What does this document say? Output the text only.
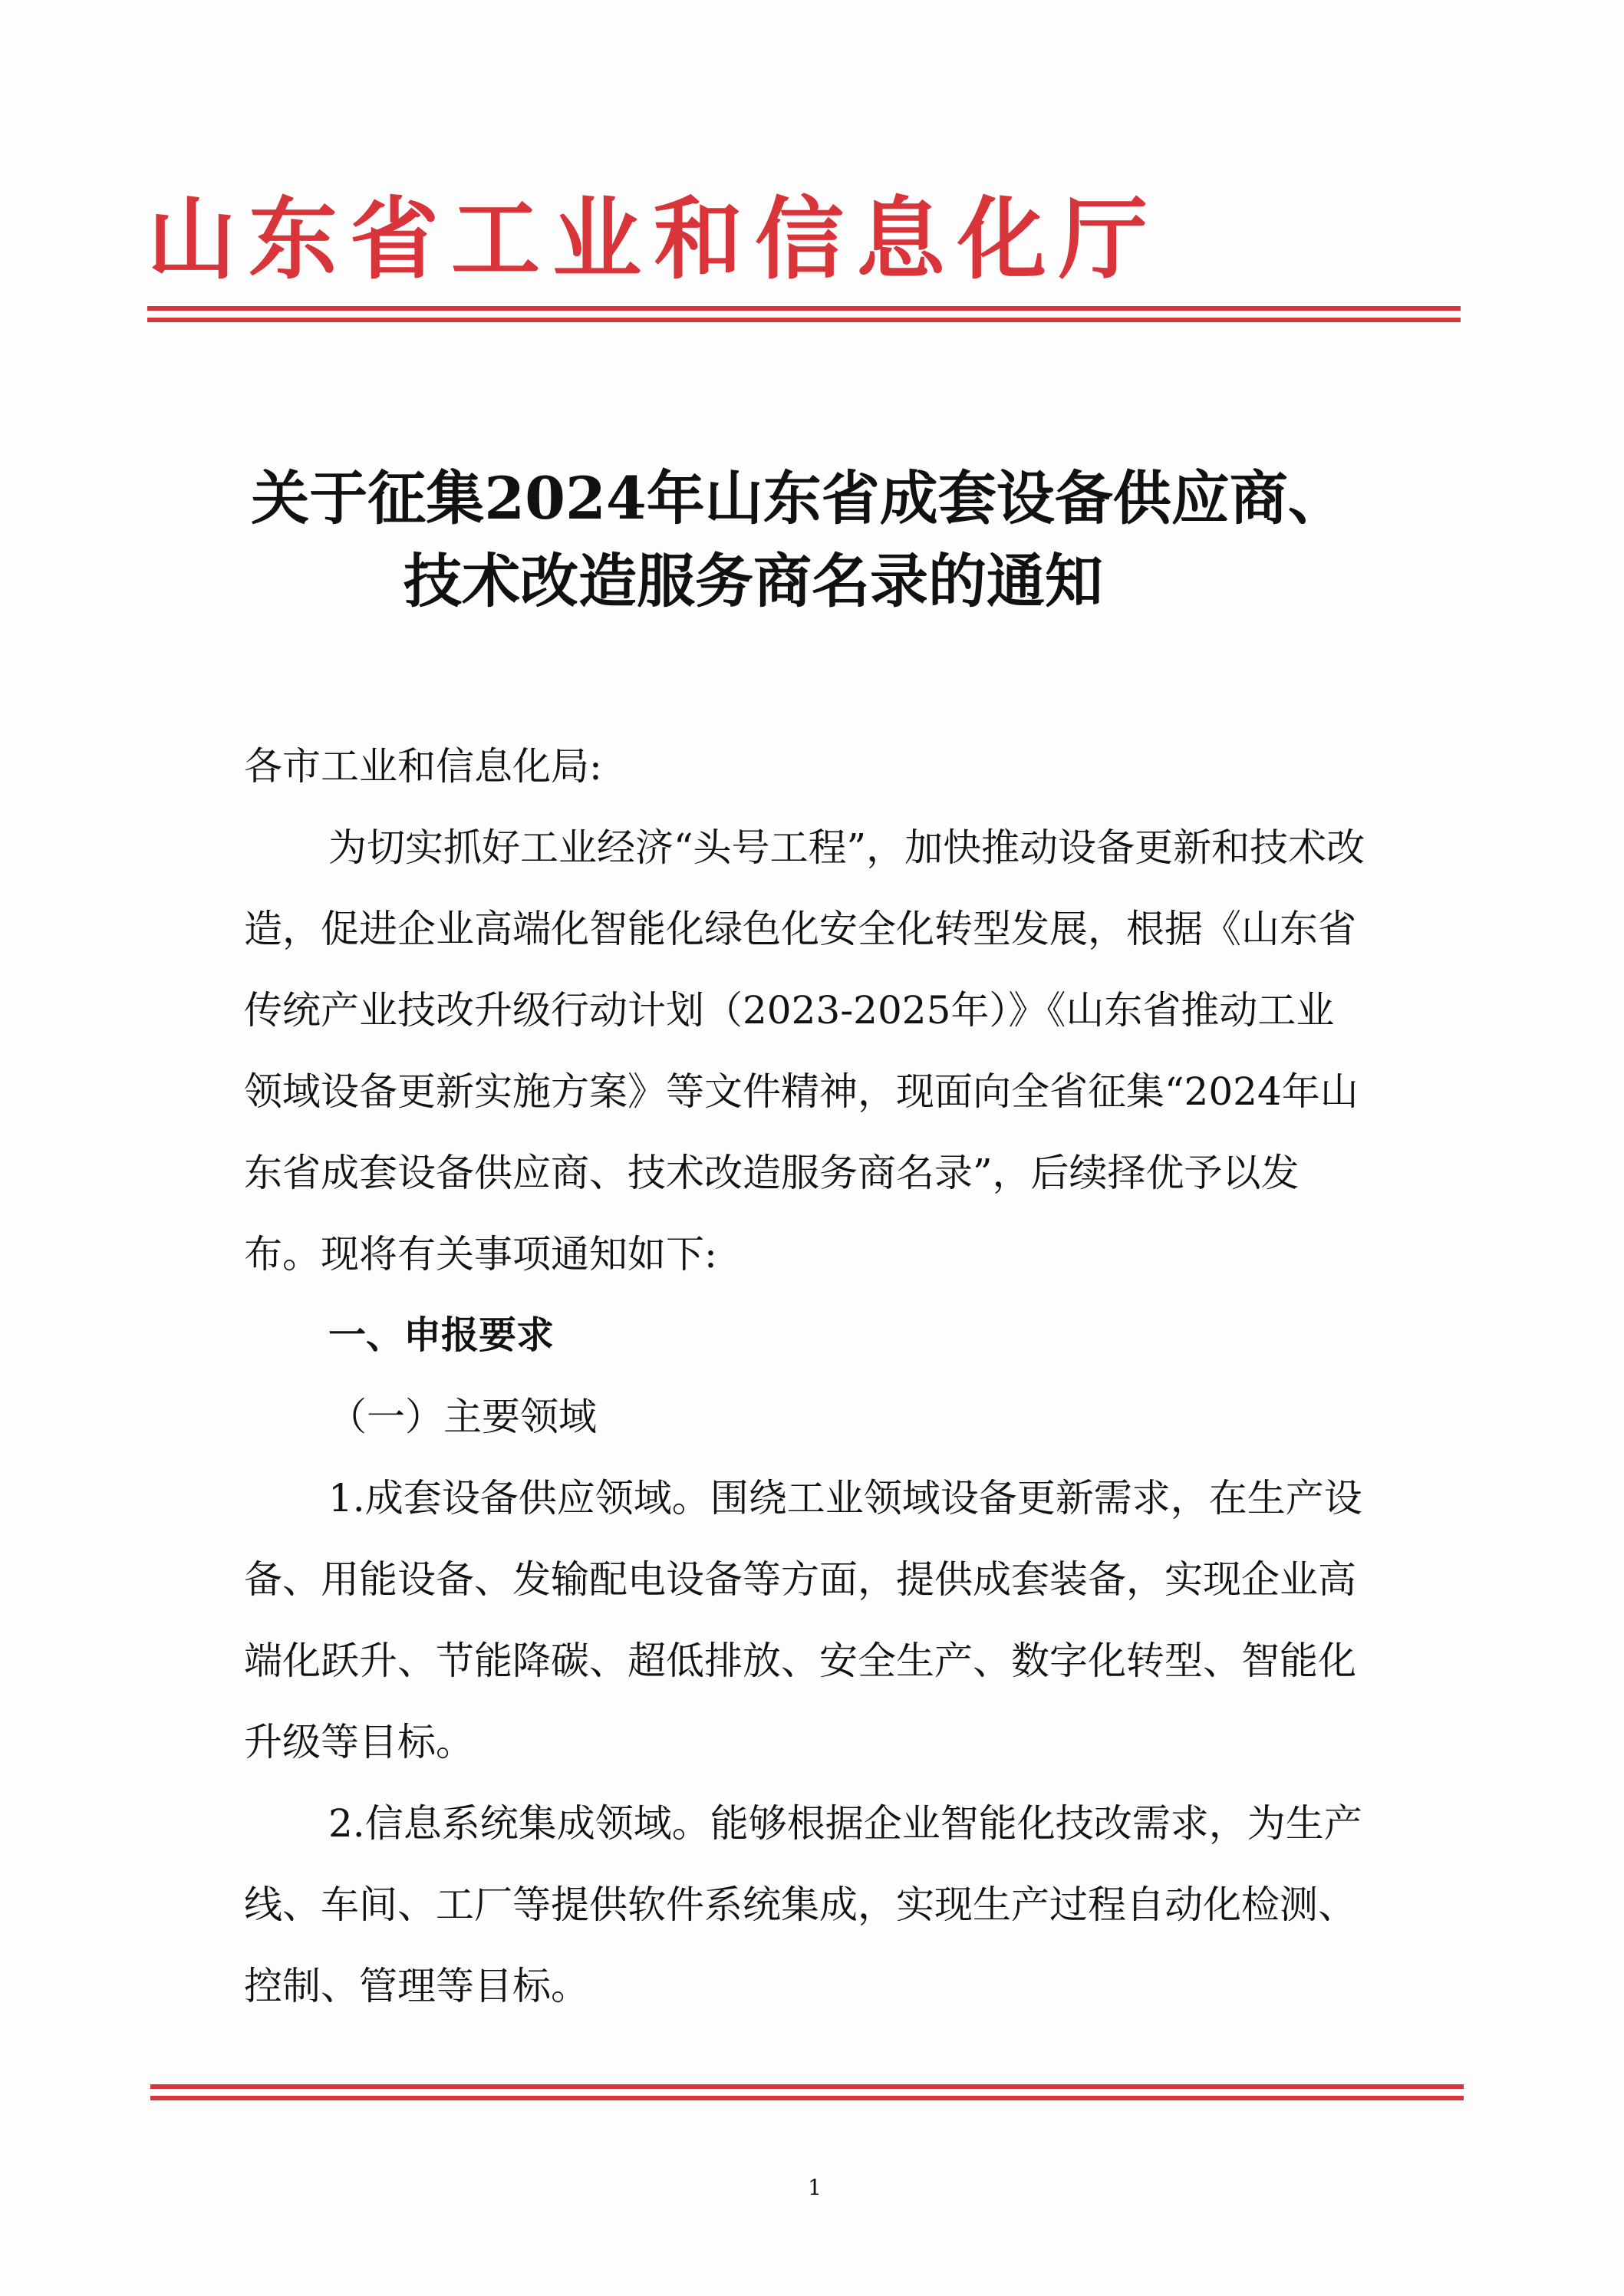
山东省工业和信息化厅
关于征集2024年山东省成套设备供应商、
技术改造服务商名录的通知

各市工业和信息化局:

为切实抓好工业经济“头号工程”，加快推动设备更新和技术改造，促进企业高端化智能化绿色化安全化转型发展，根据《山东省传统产业技改升级行动计划（2023-2025年）》《山东省推动工业领域设备更新实施方案》等文件精神，现面向全省征集“2024年山东省成套设备供应商、技术改造服务商名录”，后续择优予以发布。现将有关事项通知如下:

一、申报要求

（一）主要领域

1.成套设备供应领域。围绕工业领域设备更新需求，在生产设备、用能设备、发输配电设备等方面，提供成套装备，实现企业高端化跃升、节能降碳、超低排放、安全生产、数字化转型、智能化升级等目标。

2.信息系统集成领域。能够根据企业智能化技改需求，为生产线、车间、工厂等提供软件系统集成，实现生产过程自动化检测、控制、管理等目标。

1
